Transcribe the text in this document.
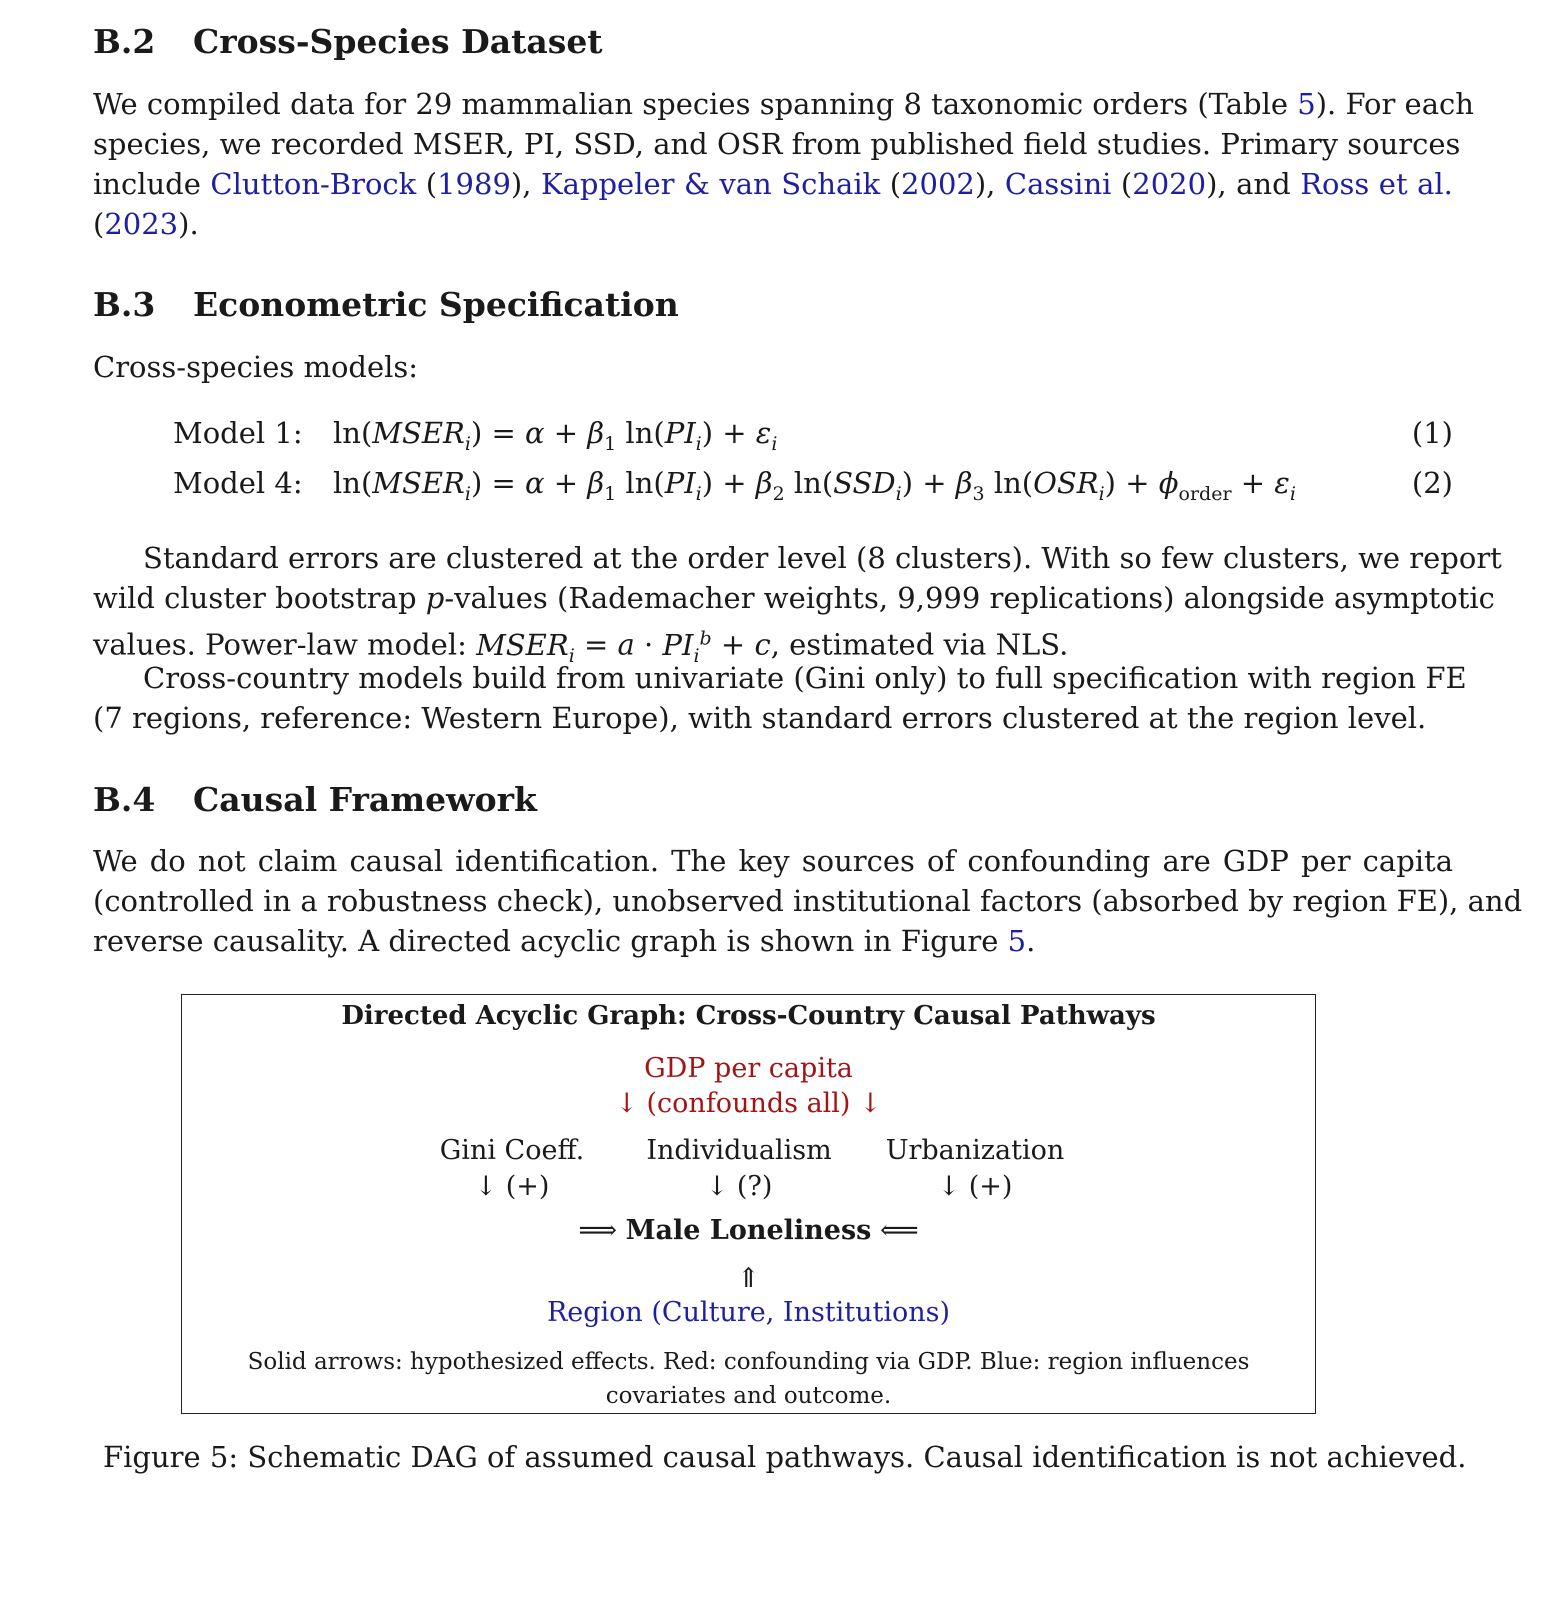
B.2 Cross-Species Dataset
We compiled data for 29 mammalian species spanning 8 taxonomic orders (Table 5). For each
species, we recorded MSER, PI, SSD, and OSR from published field studies. Primary sources
include Clutton-Brock (1989), Kappeler & van Schaik (2002), Cassini (2020), and Ross et al.
(2023).
B.3 Econometric Specification
Cross-species models:
Model 1: $\ln(MSER_i) = \alpha + \beta_1$ $\ln(PI_i) + \varepsilon_i$	(1)
Model 4: $\ln(MSER_i) = \alpha + \beta_1$ $\ln(PI_i) + \beta_2$ $\ln(SSD_i) + \beta_3$ $\ln(OSR_i) + \phi_{order} + \varepsilon_i$	(2)
Standard errors are clustered at the order level (8 clusters). With so few clusters, we report
wild cluster bootstrap p-values (Rademacher weights, 9,999 replications) alongside asymptotic
values. Power-law model: $MSER_i = a \cdot PI_i^b + c$, estimated via NLS.
Cross-country models build from univariate (Gini only) to full specification with region FE
(7 regions, reference: Western Europe), with standard errors clustered at the region level.
B.4 Causal Framework
We do not claim causal identification. The key sources of confounding are GDP per capita
(controlled in a robustness check), unobserved institutional factors (absorbed by region FE), and
reverse causality. A directed acyclic graph is shown in Figure 5.
Directed Acyclic Graph: Cross-Country Causal Pathways
GDP per capita
↓ (confounds all) ↓
Gini Coeff.
↓ (+)
Individualism
↓ (?)
Urbanization
↓ (+)
⟹ Male Loneliness ⟸
⇑
Region (Culture, Institutions)
Solid arrows: hypothesized effects. Red: confounding via GDP. Blue: region influences covariates and outcome.
Figure 5: Schematic DAG of assumed causal pathways. Causal identification is not achieved.
